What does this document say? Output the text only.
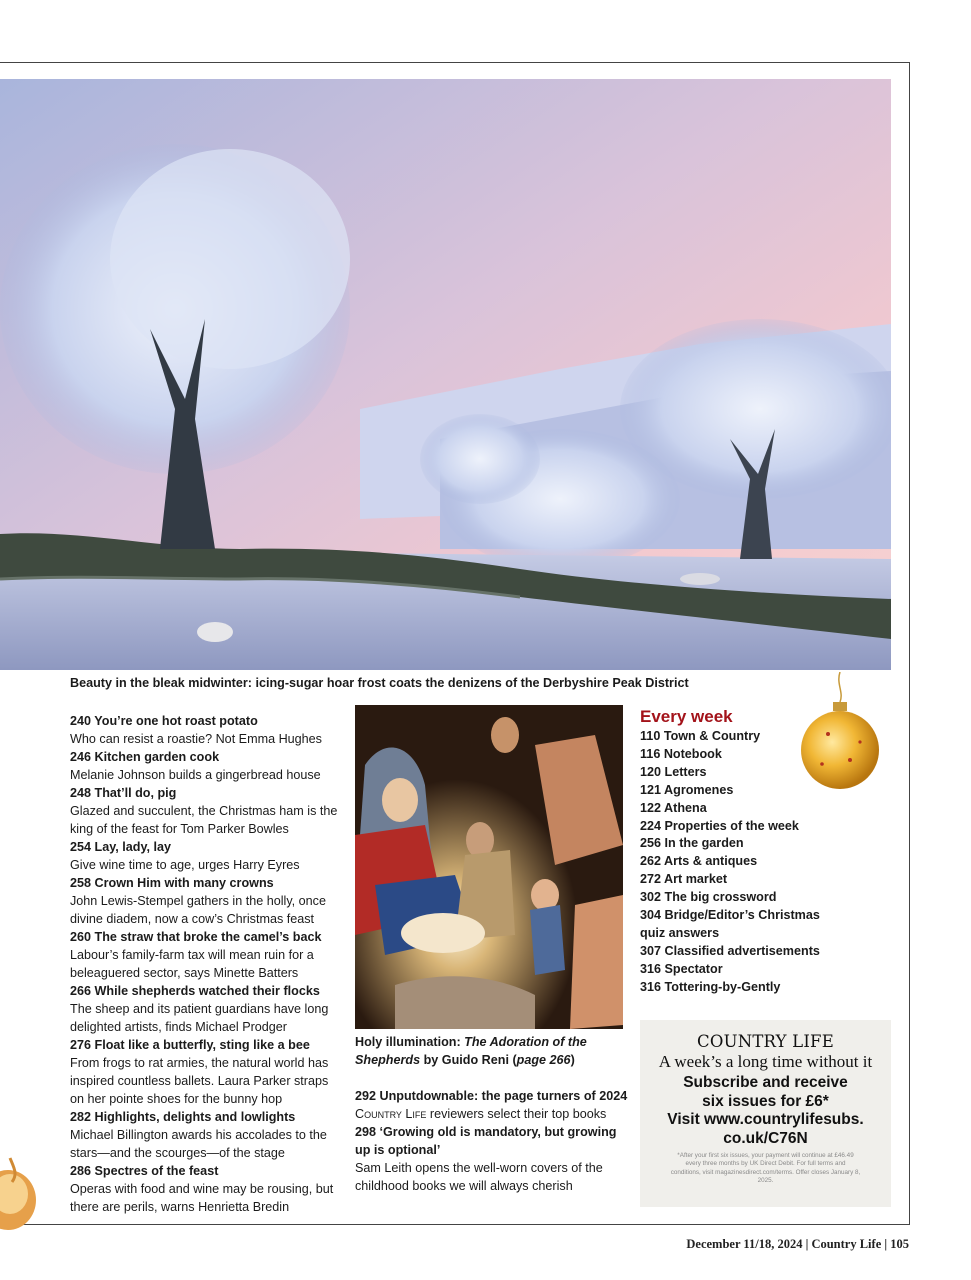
Beauty in the bleak midwinter: icing-sugar hoar frost coats the denizens of the Derbyshire Peak District
240 You’re one hot roast potato
Who can resist a roastie? Not Emma Hughes
246 Kitchen garden cook
Melanie Johnson builds a gingerbread house
248 That’ll do, pig
Glazed and succulent, the Christmas ham is the king of the feast for Tom Parker Bowles
254 Lay, lady, lay
Give wine time to age, urges Harry Eyres
258 Crown Him with many crowns
John Lewis-Stempel gathers in the holly, once divine diadem, now a cow’s Christmas feast
260 The straw that broke the camel’s back
Labour’s family-farm tax will mean ruin for a beleaguered sector, says Minette Batters
266 While shepherds watched their flocks
The sheep and its patient guardians have long delighted artists, finds Michael Prodger
276 Float like a butterfly, sting like a bee
From frogs to rat armies, the natural world has inspired countless ballets. Laura Parker straps on her pointe shoes for the bunny hop
282 Highlights, delights and lowlights
Michael Billington awards his accolades to the stars—and the scourges—of the stage
286 Spectres of the feast
Operas with food and wine may be rousing, but there are perils, warns Henrietta Bredin
Holy illumination: The Adoration of the Shepherds by Guido Reni (page 266)
292 Unputdownable: the page turners of 2024
Country Life reviewers select their top books
298 ‘Growing old is mandatory, but growing up is optional’
Sam Leith opens the well-worn covers of the childhood books we will always cherish
Every week
110 Town & Country
116 Notebook
120 Letters
121 Agromenes
122 Athena
224 Properties of the week
256 In the garden
262 Arts & antiques
272 Art market
302 The big crossword
304 Bridge/Editor’s Christmas quiz answers
307 Classified advertisements
316 Spectator
316 Tottering-by-Gently
COUNTRY LIFE
A week’s a long time without it
Subscribe and receive
six issues for £6*
Visit www.countrylifesubs.
co.uk/C76N
*After your first six issues, your payment will continue at £46.49 every three months by UK Direct Debit. For full terms and conditions, visit magazinesdirect.com/terms. Offer closes January 8, 2025.
December 11/18, 2024 | Country Life | 105
